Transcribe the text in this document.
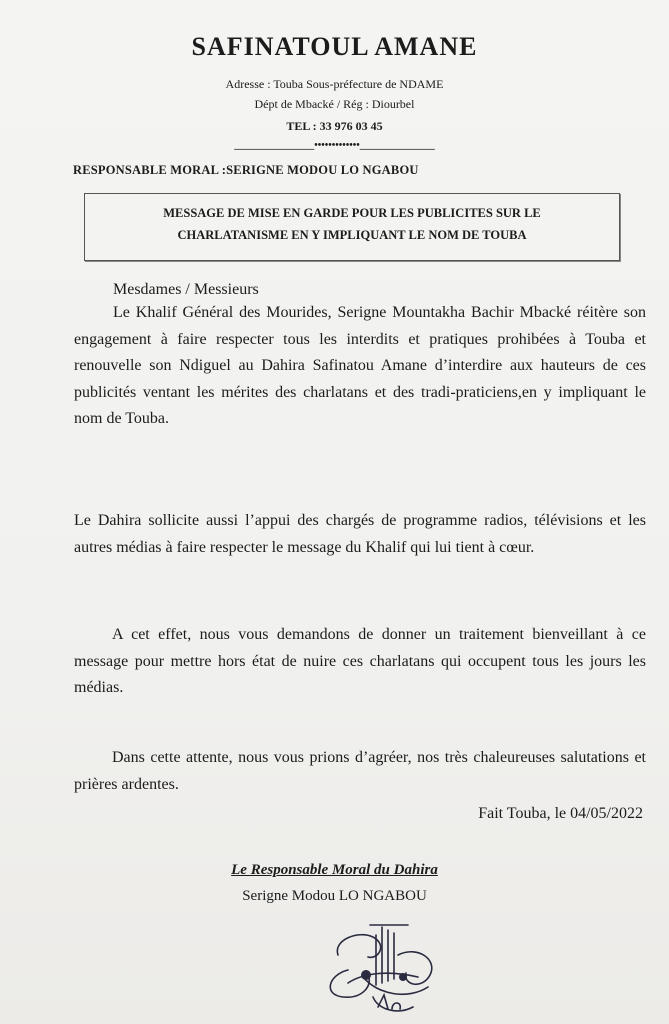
SAFINATOUL AMANE
Adresse : Touba Sous-préfecture de NDAME
Dépt de Mbacké / Rég : Diourbel
TEL : 33 976 03 45
________________•••••••••••••_______________
RESPONSABLE MORAL :SERIGNE MODOU LO NGABOU
MESSAGE DE MISE EN GARDE POUR LES PUBLICITES SUR LE
CHARLATANISME EN Y IMPLIQUANT LE NOM DE TOUBA
Mesdames / Messieurs
Le Khalif Général des Mourides, Serigne Mountakha Bachir Mbacké réitère son engagement à faire respecter tous les interdits et pratiques prohibées à Touba et renouvelle son Ndiguel au Dahira Safinatou Amane d’interdire aux hauteurs de ces publicités ventant les mérites des charlatans et des tradi-praticiens,en y impliquant le nom de Touba.
Le Dahira sollicite aussi l’appui des chargés de programme radios, télévisions et les autres médias à faire respecter le message du Khalif qui lui tient à cœur.
A cet effet, nous vous demandons de donner un traitement bienveillant à ce message pour mettre hors état de nuire ces charlatans qui occupent tous les jours les médias.
Dans cette attente, nous vous prions d’agréer, nos très chaleureuses salutations et prières ardentes.
Fait Touba, le 04/05/2022
Le Responsable Moral du Dahira
Serigne Modou LO NGABOU
